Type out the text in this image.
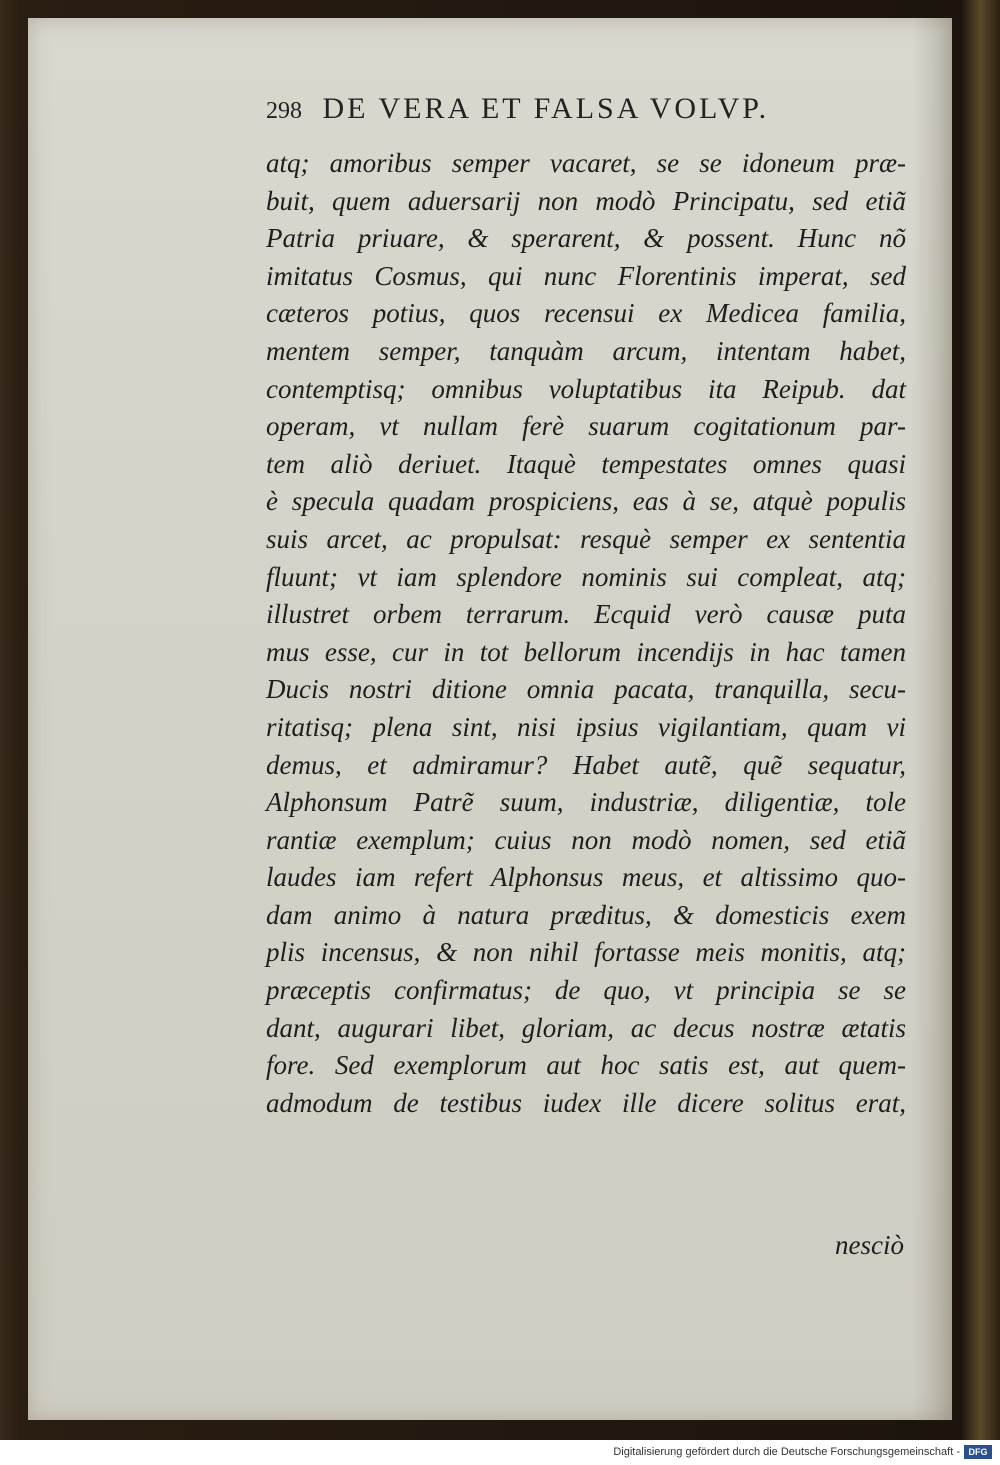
298 DE VERA ET FALSA VOLVP.
atq; amoribus semper vacaret, se se idoneum præ-
buit, quem aduersarij non modò Principatu, sed etiã
Patria priuare, & sperarent, & possent. Hunc nõ
imitatus Cosmus, qui nunc Florentinis imperat, sed
cæteros potius, quos recensui ex Medicea familia,
mentem semper, tanquàm arcum, intentam habet,
contemptisq; omnibus voluptatibus ita Reipub. dat
operam, vt nullam ferè suarum cogitationum par-
tem aliò deriuet. Itaquè tempestates omnes quasi
è specula quadam prospiciens, eas à se, atquè populis
suis arcet, ac propulsat: resquè semper ex sententia
fluunt; vt iam splendore nominis sui compleat, atq;
illustret orbem terrarum. Ecquid verò causæ puta
mus esse, cur in tot bellorum incendijs in hac tamen
Ducis nostri ditione omnia pacata, tranquilla, secu-
ritatisq; plena sint, nisi ipsius vigilantiam, quam vi
demus, et admiramur? Habet autẽ, quẽ sequatur,
Alphonsum Patrẽ suum, industriæ, diligentiæ, tole
rantiæ exemplum; cuius non modò nomen, sed etiã
laudes iam refert Alphonsus meus, et altissimo quo-
dam animo à natura præditus, & domesticis exem
plis incensus, & non nihil fortasse meis monitis, atq;
præceptis confirmatus; de quo, vt principia se se
dant, augurari libet, gloriam, ac decus nostræ ætatis
fore. Sed exemplorum aut hoc satis est, aut quem-
admodum de testibus iudex ille dicere solitus erat,
nesciò
Digitalisierung gefördert durch die Deutsche Forschungsgemeinschaft - DFG
